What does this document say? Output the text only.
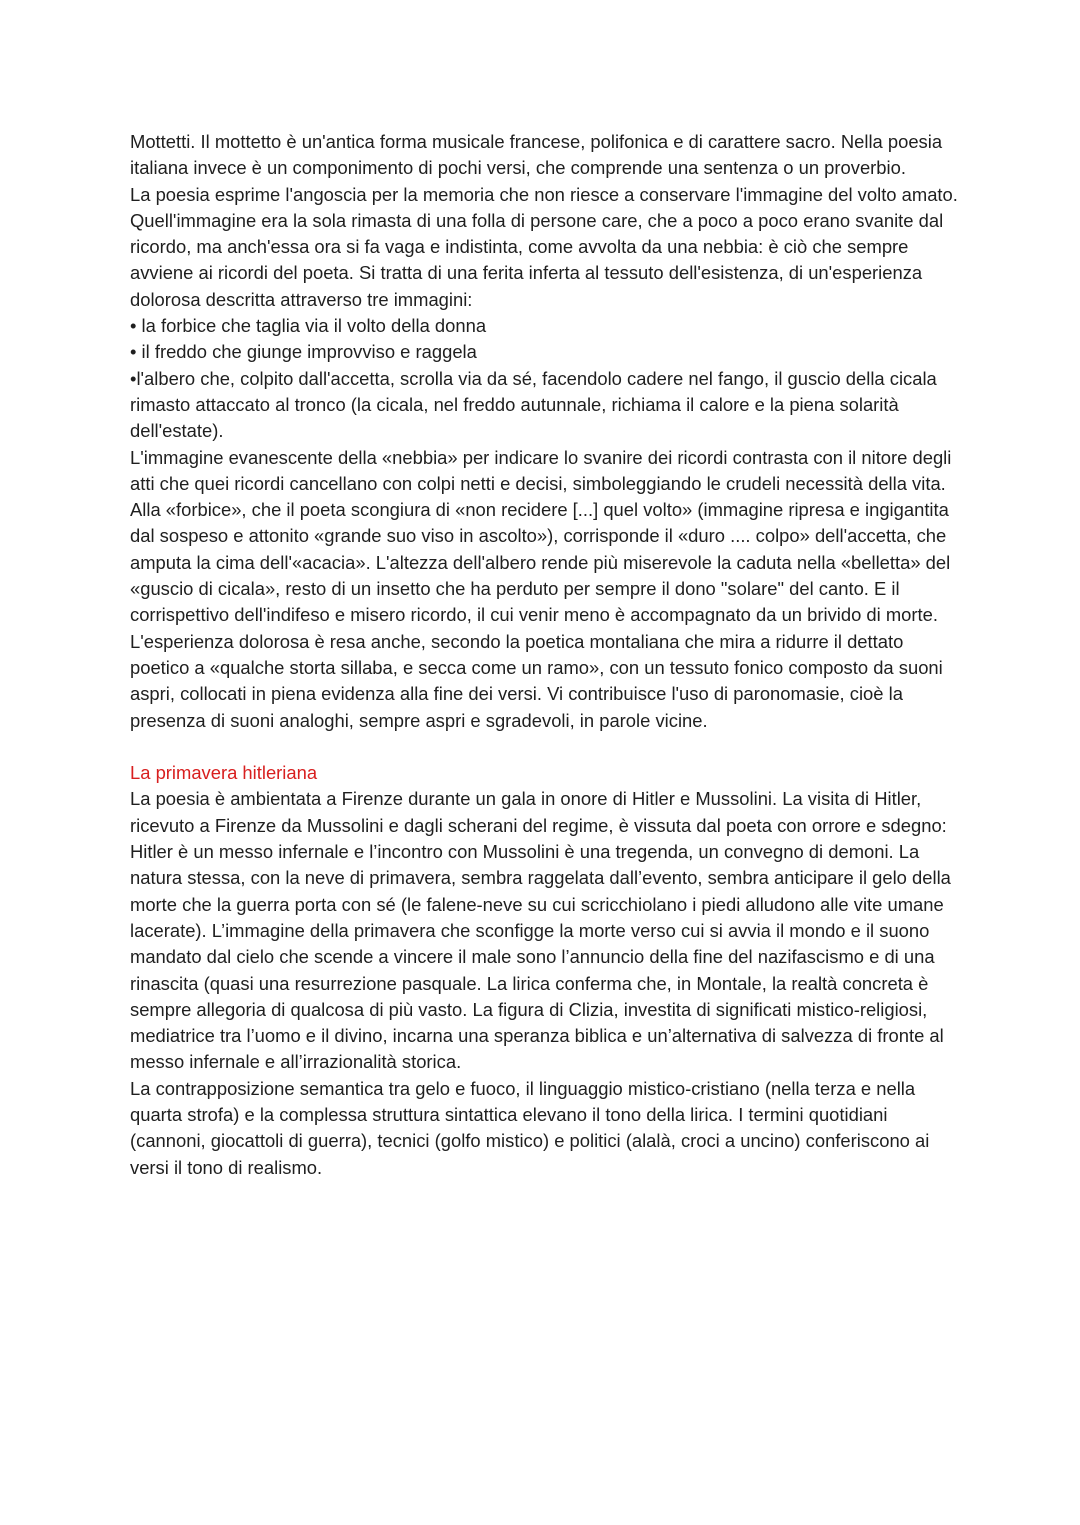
Mottetti. Il mottetto è un'antica forma musicale francese, polifonica e di carattere sacro. Nella poesia italiana invece è un componimento di pochi versi, che comprende una sentenza o un proverbio.

La poesia esprime l'angoscia per la memoria che non riesce a conservare l'immagine del volto amato. Quell'immagine era la sola rimasta di una folla di persone care, che a poco a poco erano svanite dal ricordo, ma anch'essa ora si fa vaga e indistinta, come avvolta da una nebbia: è ciò che sempre avviene ai ricordi del poeta. Si tratta di una ferita inferta al tessuto dell'esistenza, di un'esperienza dolorosa descritta attraverso tre immagini:

• la forbice che taglia via il volto della donna

• il freddo che giunge improvviso e raggela

•l'albero che, colpito dall'accetta, scrolla via da sé, facendolo cadere nel fango, il guscio della cicala rimasto attaccato al tronco (la cicala, nel freddo autunnale, richiama il calore e la piena solarità dell'estate).

L'immagine evanescente della «nebbia» per indicare lo svanire dei ricordi contrasta con il nitore degli atti che quei ricordi cancellano con colpi netti e decisi, simboleggiando le crudeli necessità della vita. Alla «forbice», che il poeta scongiura di «non recidere [...] quel volto» (immagine ripresa e ingigantita dal sospeso e attonito «grande suo viso in ascolto»), corrisponde il «duro .... colpo» dell'accetta, che amputa la cima dell'«acacia». L'altezza dell'albero rende più miserevole la caduta nella «belletta» del «guscio di cicala», resto di un insetto che ha perduto per sempre il dono "solare" del canto. E il corrispettivo dell'indifeso e misero ricordo, il cui venir meno è accompagnato da un brivido di morte.

L'esperienza dolorosa è resa anche, secondo la poetica montaliana che mira a ridurre il dettato poetico a «qualche storta sillaba, e secca come un ramo», con un tessuto fonico composto da suoni aspri, collocati in piena evidenza alla fine dei versi. Vi contribuisce l'uso di paronomasie, cioè la presenza di suoni analoghi, sempre aspri e sgradevoli, in parole vicine.

La primavera hitleriana

La poesia è ambientata a Firenze durante un gala in onore di Hitler e Mussolini. La visita di Hitler, ricevuto a Firenze da Mussolini e dagli scherani del regime, è vissuta dal poeta con orrore e sdegno: Hitler è un messo infernale e l’incontro con Mussolini è una tregenda, un convegno di demoni. La natura stessa, con la neve di primavera, sembra raggelata dall’evento, sembra anticipare il gelo della morte che la guerra porta con sé (le falene-neve su cui scricchiolano i piedi alludono alle vite umane lacerate). L’immagine della primavera che sconfigge la morte verso cui si avvia il mondo e il suono mandato dal cielo che scende a vincere il male sono l’annuncio della fine del nazifascismo e di una rinascita (quasi una resurrezione pasquale. La lirica conferma che, in Montale, la realtà concreta è sempre allegoria di qualcosa di più vasto. La figura di Clizia, investita di significati mistico-religiosi, mediatrice tra l’uomo e il divino, incarna una speranza biblica e un’alternativa di salvezza di fronte al messo infernale e all’irrazionalità storica.

La contrapposizione semantica tra gelo e fuoco, il linguaggio mistico-cristiano (nella terza e nella quarta strofa) e la complessa struttura sintattica elevano il tono della lirica. I termini quotidiani (cannoni, giocattoli di guerra), tecnici (golfo mistico) e politici (alalà, croci a uncino) conferiscono ai versi il tono di realismo.
